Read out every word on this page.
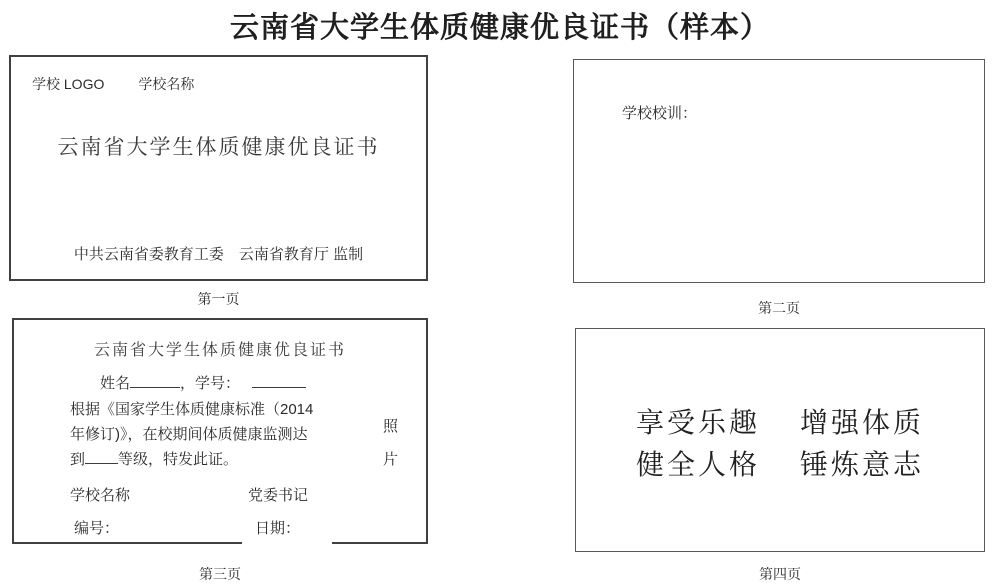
云南省大学生体质健康优良证书（样本）
学校 LOGO 学校名称
云南省大学生体质健康优良证书
中共云南省委教育工委　云南省教育厅 监制
第一页
学校校训：
第二页
云南省大学生体质健康优良证书
姓名	，学号：
根据《国家学生体质健康标准（2014
年修订)》，在校期间体质健康监测达
到 等级，特发此证。
照片
学校名称	党委书记
编号：	日期：
第三页
享受乐趣 增强体质
健全人格 锤炼意志
第四页
